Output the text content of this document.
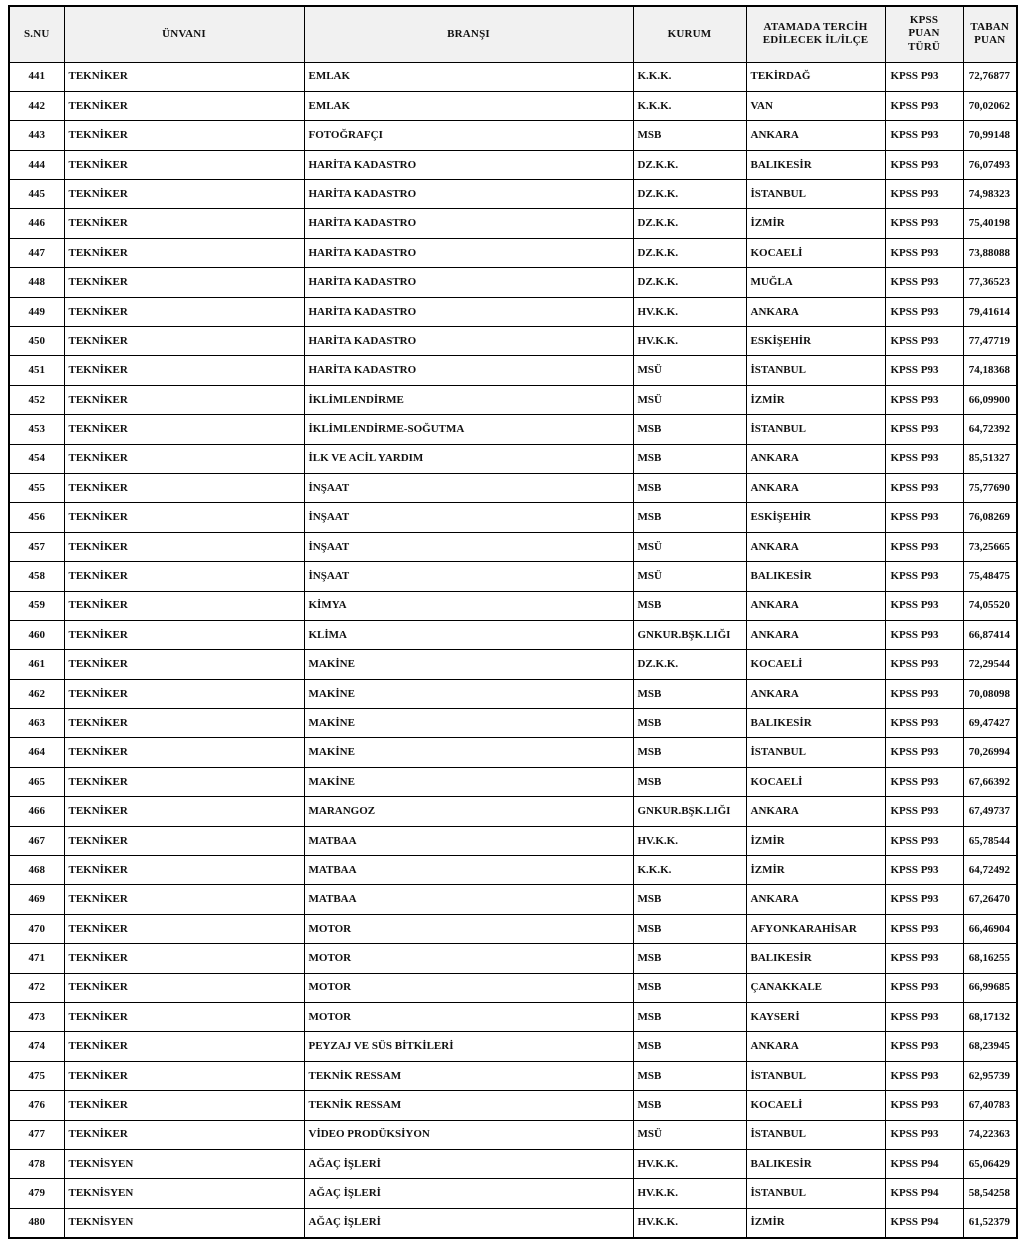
S.NU	ÜNVANI	BRANŞI	KURUM	ATAMADA TERCİH
EDİLECEK İL/İLÇE	KPSS
PUAN
TÜRÜ	TABAN
PUAN
441	TEKNİKER	EMLAK	K.K.K.	TEKİRDAĞ	KPSS P93	72,76877
442	TEKNİKER	EMLAK	K.K.K.	VAN	KPSS P93	70,02062
443	TEKNİKER	FOTOĞRAFÇI	MSB	ANKARA	KPSS P93	70,99148
444	TEKNİKER	HARİTA KADASTRO	DZ.K.K.	BALIKESİR	KPSS P93	76,07493
445	TEKNİKER	HARİTA KADASTRO	DZ.K.K.	İSTANBUL	KPSS P93	74,98323
446	TEKNİKER	HARİTA KADASTRO	DZ.K.K.	İZMİR	KPSS P93	75,40198
447	TEKNİKER	HARİTA KADASTRO	DZ.K.K.	KOCAELİ	KPSS P93	73,88088
448	TEKNİKER	HARİTA KADASTRO	DZ.K.K.	MUĞLA	KPSS P93	77,36523
449	TEKNİKER	HARİTA KADASTRO	HV.K.K.	ANKARA	KPSS P93	79,41614
450	TEKNİKER	HARİTA KADASTRO	HV.K.K.	ESKİŞEHİR	KPSS P93	77,47719
451	TEKNİKER	HARİTA KADASTRO	MSÜ	İSTANBUL	KPSS P93	74,18368
452	TEKNİKER	İKLİMLENDİRME	MSÜ	İZMİR	KPSS P93	66,09900
453	TEKNİKER	İKLİMLENDİRME-SOĞUTMA	MSB	İSTANBUL	KPSS P93	64,72392
454	TEKNİKER	İLK VE ACİL YARDIM	MSB	ANKARA	KPSS P93	85,51327
455	TEKNİKER	İNŞAAT	MSB	ANKARA	KPSS P93	75,77690
456	TEKNİKER	İNŞAAT	MSB	ESKİŞEHİR	KPSS P93	76,08269
457	TEKNİKER	İNŞAAT	MSÜ	ANKARA	KPSS P93	73,25665
458	TEKNİKER	İNŞAAT	MSÜ	BALIKESİR	KPSS P93	75,48475
459	TEKNİKER	KİMYA	MSB	ANKARA	KPSS P93	74,05520
460	TEKNİKER	KLİMA	GNKUR.BŞK.LIĞI	ANKARA	KPSS P93	66,87414
461	TEKNİKER	MAKİNE	DZ.K.K.	KOCAELİ	KPSS P93	72,29544
462	TEKNİKER	MAKİNE	MSB	ANKARA	KPSS P93	70,08098
463	TEKNİKER	MAKİNE	MSB	BALIKESİR	KPSS P93	69,47427
464	TEKNİKER	MAKİNE	MSB	İSTANBUL	KPSS P93	70,26994
465	TEKNİKER	MAKİNE	MSB	KOCAELİ	KPSS P93	67,66392
466	TEKNİKER	MARANGOZ	GNKUR.BŞK.LIĞI	ANKARA	KPSS P93	67,49737
467	TEKNİKER	MATBAA	HV.K.K.	İZMİR	KPSS P93	65,78544
468	TEKNİKER	MATBAA	K.K.K.	İZMİR	KPSS P93	64,72492
469	TEKNİKER	MATBAA	MSB	ANKARA	KPSS P93	67,26470
470	TEKNİKER	MOTOR	MSB	AFYONKARAHİSAR	KPSS P93	66,46904
471	TEKNİKER	MOTOR	MSB	BALIKESİR	KPSS P93	68,16255
472	TEKNİKER	MOTOR	MSB	ÇANAKKALE	KPSS P93	66,99685
473	TEKNİKER	MOTOR	MSB	KAYSERİ	KPSS P93	68,17132
474	TEKNİKER	PEYZAJ VE SÜS BİTKİLERİ	MSB	ANKARA	KPSS P93	68,23945
475	TEKNİKER	TEKNİK RESSAM	MSB	İSTANBUL	KPSS P93	62,95739
476	TEKNİKER	TEKNİK RESSAM	MSB	KOCAELİ	KPSS P93	67,40783
477	TEKNİKER	VİDEO PRODÜKSİYON	MSÜ	İSTANBUL	KPSS P93	74,22363
478	TEKNİSYEN	AĞAÇ İŞLERİ	HV.K.K.	BALIKESİR	KPSS P94	65,06429
479	TEKNİSYEN	AĞAÇ İŞLERİ	HV.K.K.	İSTANBUL	KPSS P94	58,54258
480	TEKNİSYEN	AĞAÇ İŞLERİ	HV.K.K.	İZMİR	KPSS P94	61,52379
